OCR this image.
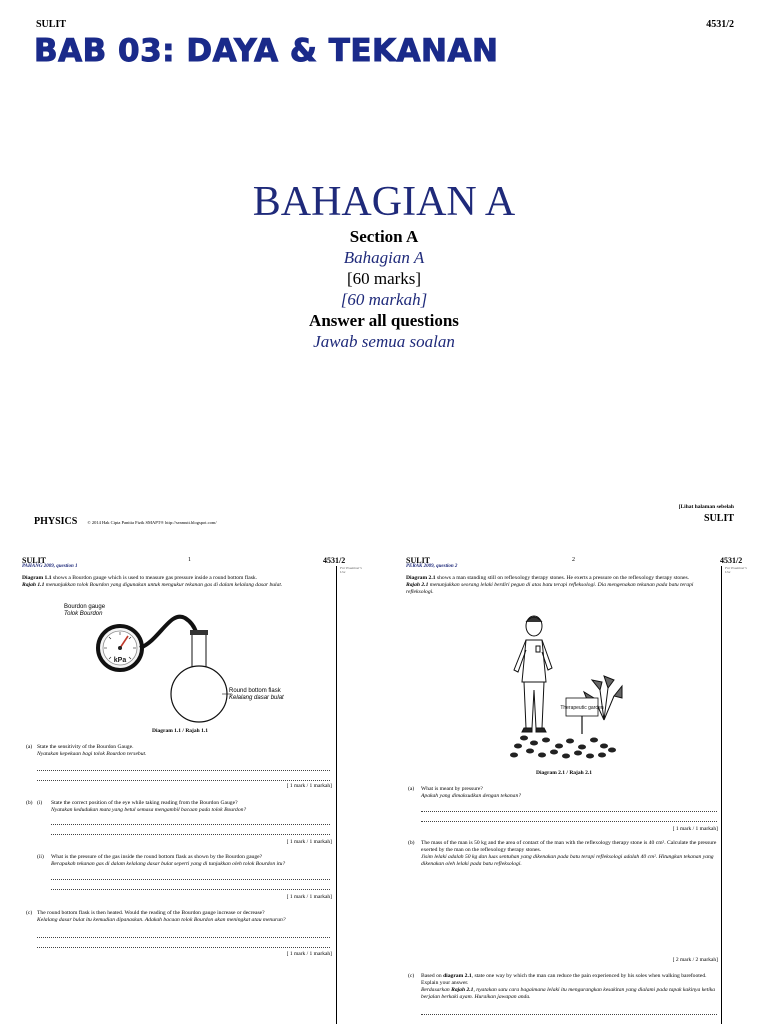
SULIT	4531/2
BAB 03: DAYA & TEKANAN
BAHAGIAN A
Section A
Bahagian A
[60 marks]
[60 markah]
Answer all questions
Jawab semua soalan
PHYSICS © 2014 Hak Cipta Panitia Fizik SMAPT® http://seamutt.blogspot.com/
[Lihat halaman sebelah
SULIT
SULIT	1	4531/2
For Examiner's Use
PAHANG 2009, question 1
Diagram 1.1 shows a Bourdon gauge which is used to measure gas pressure inside a round bottom flask.
Rajah 1.1 menunjukkan tolok Bourdon yang digunakan untuk mengukur tekanan gas di dalam kelalang dasar bulat.
Bourdon gauge
Tolok Bourdon
kPa
Round bottom flask
Kelalang dasar bulat
Diagram 1.1 / Rajah 1.1
(a) State the sensitivity of the Bourdon Gauge.
Nyatakan kepekaan bagi tolok Bourdon tersebut.
[ 1 mark / 1 markah]
(b) (i) State the correct position of the eye while taking reading from the Bourdon Gauge?
Nyatakan kedudukan mata yang betul semasa mengambil bacaan pada tolok Bourdon?
[ 1 mark / 1 markah]
(ii) What is the pressure of the gas inside the round bottom flask as shown by the Bourdon gauge?
Berapakah tekanan gas di dalam kelalang dasar bulat seperti yang di tunjukkan oleh tolok Bourdon itu?
[ 1 mark / 1 markah]
(c) The round bottom flask is then heated. Would the reading of the Bourdon gauge increase or decrease?
Kelalang dasar bulat itu kemudian dipanaskan. Adakah bacaan tolok Bourdon akan meningkat atau menurun?
[ 1 mark / 1 markah]
SULIT	2	4531/2
For Examiner's Use
PERAK 2009, question 2
Diagram 2.1 shows a man standing still on reflexology therapy stones. He exerts a pressure on the reflexology therapy stones.
Rajah 2.1 menunjukkan seorang lelaki berdiri pegun di atas batu terapi refleksologi. Dia mengenakan tekanan pada batu terapi refleksologi.
Therapeutic garden
Diagram 2.1 / Rajah 2.1
(a) What is meant by pressure?
Apakah yang dimaksudkan dengan tekanan?
[ 1 mark / 1 markah]
(b) The mass of the man is 50 kg and the area of contact of the man with the reflexology therapy stone is 40 cm². Calculate the pressure exerted by the man on the reflexology therapy stones.
Jisim lelaki adalah 50 kg dan luas sentuhan yang dikenakan pada batu terapi refleksologi adalah 40 cm². Hitungkan tekanan yang dikenakan oleh lelaki pada batu refleksologi.
[ 2 mark / 2 markah]
(c) Based on diagram 2.1, state one way by which the man can reduce the pain experienced by his soles when walking barefooted. Explain your answer.
Berdasarkan Rajah 2.1, nyatakan satu cara bagaimana lelaki itu mengurangkan kesakitan yang dialami pada tapak kakinya ketika berjalan berkaki ayam. Huraikan jawapan anda.
